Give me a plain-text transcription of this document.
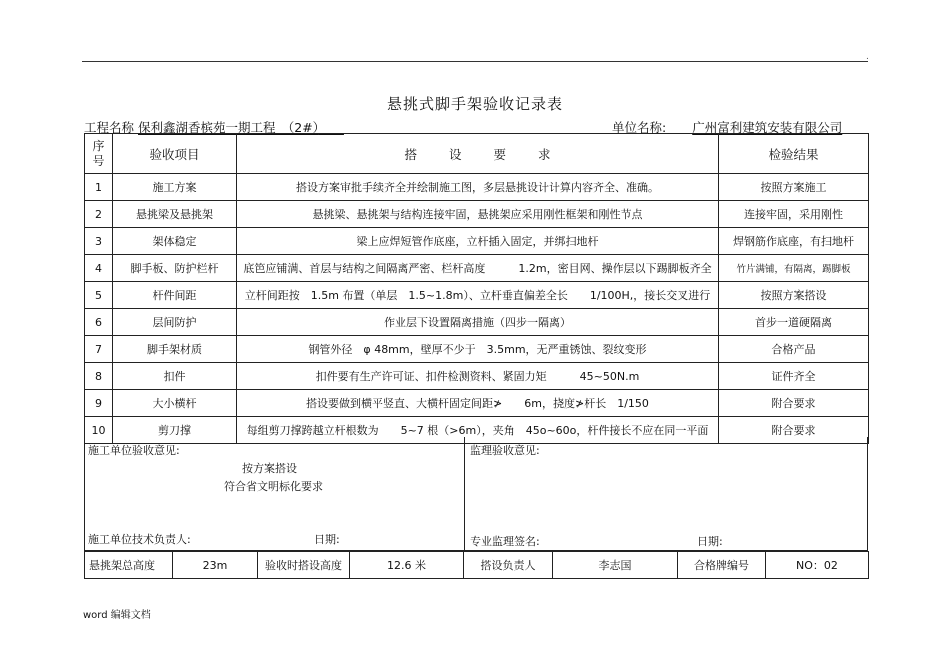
.
悬挑式脚手架验收记录表
工程名称 保利鑫湖香槟苑一期工程　（2#）　　	单位名称: 广州富利建筑安装有限公司
序
号	验收项目	搭 设 要 求	检验结果
1	施工方案	搭设方案审批手续齐全并绘制施工图，多层悬挑设计计算内容齐全、准确。	按照方案施工
2	悬挑梁及悬挑架	悬挑梁、悬挑架与结构连接牢固，悬挑架应采用刚性框架和刚性节点	连接牢固，采用刚性
3	架体稳定	梁上应焊短管作底座，立杆插入固定，并绑扫地杆	焊钢筋作底座，有扫地杆
4	脚手板、防护栏杆	底笆应铺满、首层与结构之间隔离严密、栏杆高度　　　1.2m，密目网、操作层以下踢脚板齐全	竹片满铺，有隔离，踢脚板
5	杆件间距	立杆间距按　1.5m 布置（单层　1.5~1.8m）、立杆垂直偏差全长　　1/100H,，接长交叉进行	按照方案搭设
6	层间防护	作业层下设置隔离措施（四步一隔离）	首步一道硬隔离
7	脚手架材质	钢管外径　φ 48mm，壁厚不少于　3.5mm，无严重锈蚀、裂纹变形	合格产品
8	扣件	扣件要有生产许可证、扣件检测资料、紧固力矩　　　45~50N.m	证件齐全
9	大小横杆	搭设要做到横平竖直、大横杆固定间距≯　　6m，挠度≯杆长　1/150	附合要求
10	剪刀撑	每组剪刀撑跨越立杆根数为　　5~7 根（>6m），夹角　45o~60o，杆件接长不应在同一平面	附合要求
施工单位验收意见:
按方案搭设
符合省文明标化要求
施工单位技术负责人:	日期:
监理验收意见:
专业监理签名:	日期:
悬挑架总高度	23m	验收时搭设高度	12.6 米	搭设负责人	李志国	合格牌编号	NO：02
word 编辑文档
